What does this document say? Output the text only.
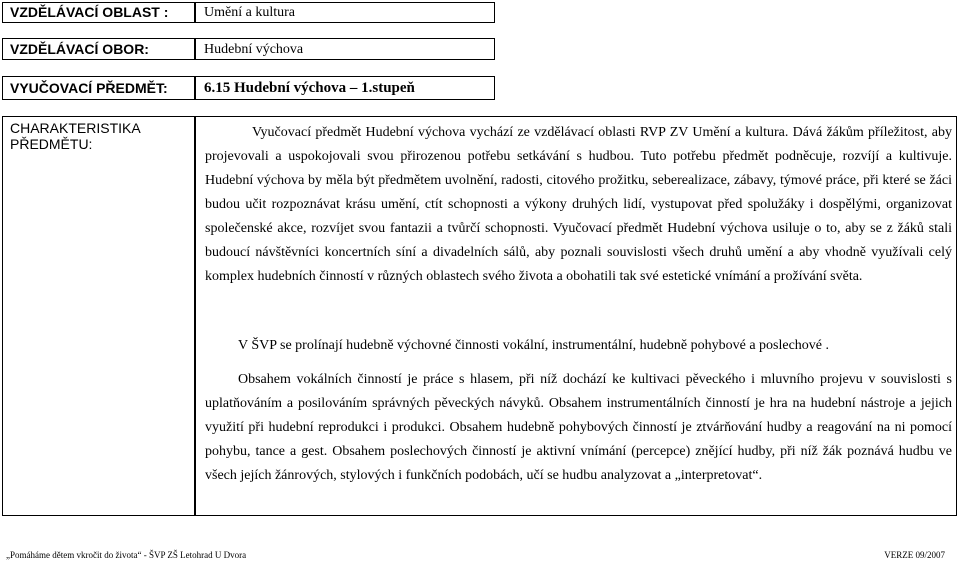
VZDĚLÁVACÍ OBLAST :	Umění a kultura
VZDĚLÁVACÍ OBOR:	Hudební výchova
VYUČOVACÍ PŘEDMĚT: 6.15 Hudební výchova – 1.stupeň
CHARAKTERISTIKA
PŘEDMĚTU:
Vyučovací předmět Hudební výchova vychází ze vzdělávací oblasti RVP ZV Umění a kultura. Dává žákům příležitost, aby projevovali a uspokojovali svou přirozenou potřebu setkávání s hudbou. Tuto potřebu předmět podněcuje, rozvíjí a kultivuje. Hudební výchova by měla být předmětem uvolnění, radosti, citového prožitku, seberealizace, zábavy, týmové práce, při které se žáci budou učit rozpoznávat krásu umění, ctít schopnosti a výkony druhých lidí, vystupovat před spolužáky i dospělými, organizovat společenské akce, rozvíjet svou fantazii a tvůrčí schopnosti. Vyučovací předmět Hudební výchova usiluje o to, aby se z žáků stali budoucí návštěvníci koncertních síní a divadelních sálů, aby poznali souvislosti všech druhů umění a aby vhodně využívali celý komplex hudebních činností v různých oblastech svého života a obohatili tak své estetické vnímání a prožívání světa.
V ŠVP se prolínají hudebně výchovné činnosti vokální, instrumentální, hudebně pohybové a poslechové .
Obsahem vokálních činností je práce s hlasem, při níž dochází ke kultivaci pěveckého i mluvního projevu v souvislosti s uplatňováním a posilováním správných pěveckých návyků. Obsahem instrumentálních činností je hra na hudební nástroje a jejich využití při hudební reprodukci i produkci. Obsahem hudebně pohybových činností je ztvárňování hudby a reagování na ni pomocí pohybu, tance a gest. Obsahem poslechových činností je aktivní vnímání (percepce) znějící hudby, při níž žák poznává hudbu ve všech jejích žánrových, stylových i funkčních podobách, učí se hudbu analyzovat a „interpretovat“.
„Pomáháme dětem vkročit do života“ - ŠVP ZŠ Letohrad U Dvora	VERZE 09/2007
